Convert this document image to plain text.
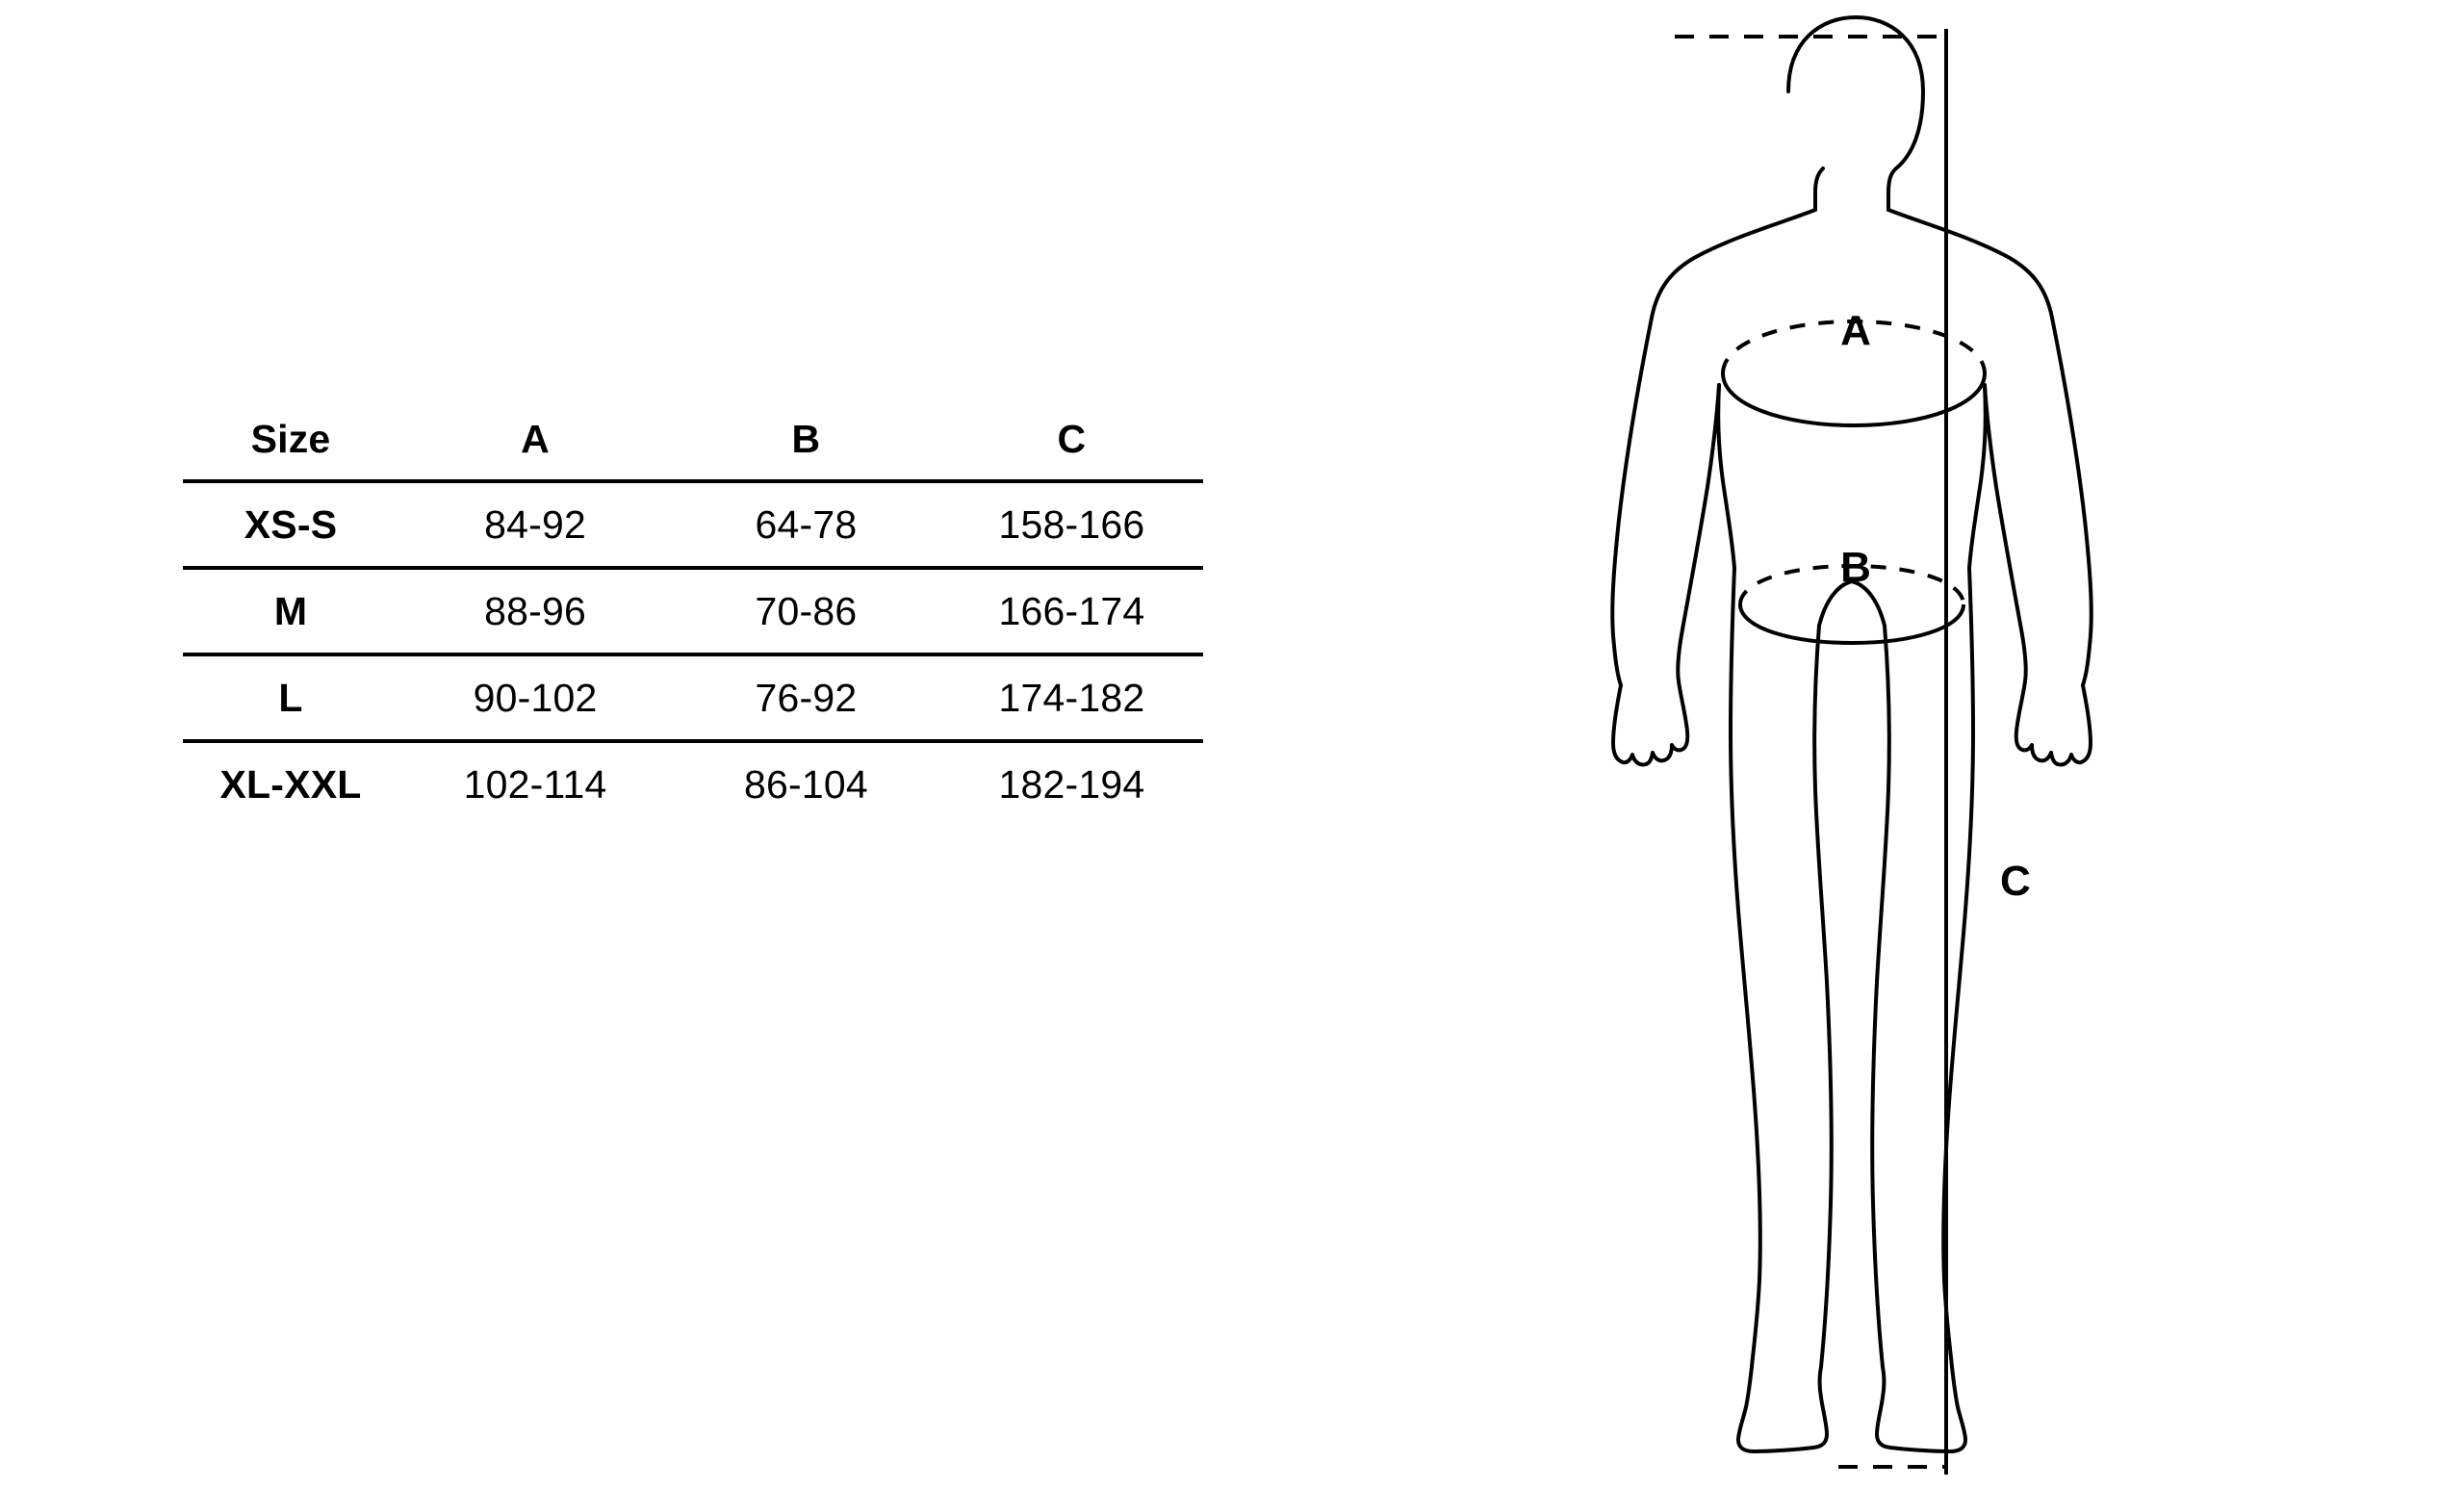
Size	A	B	C
XS-S	84-92	64-78	158-166
M	88-96	70-86	166-174
L	90-102	76-92	174-182
XL-XXL	102-114	86-104	182-194
A
B
C
